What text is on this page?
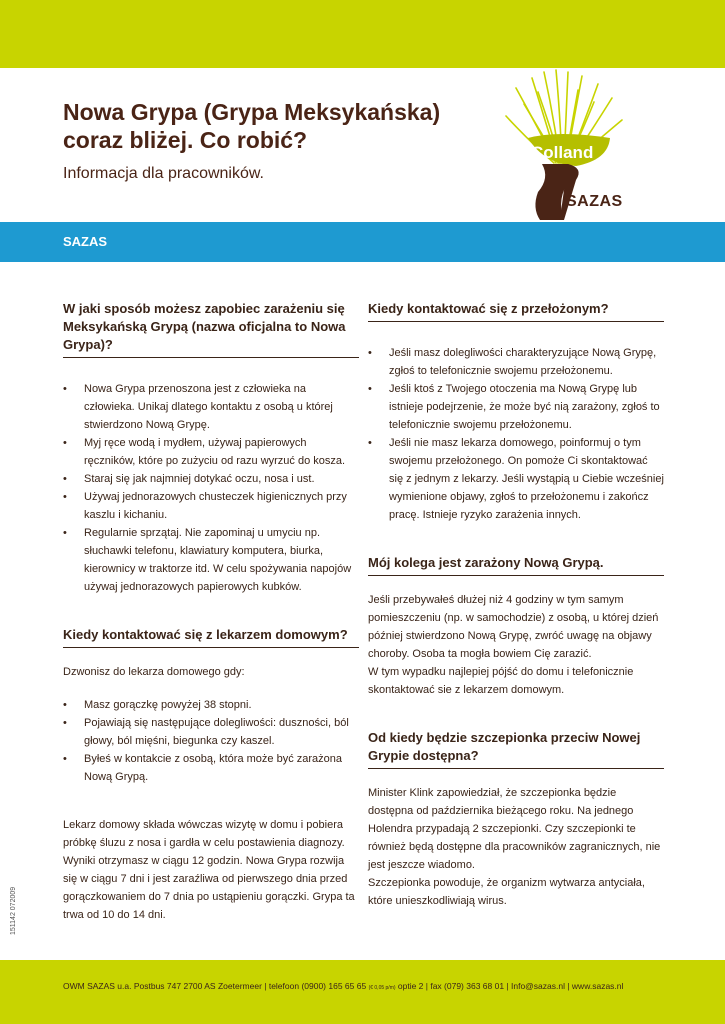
Nowa Grypa (Grypa Meksykańska)
coraz bliżej. Co robić?
Informacja dla pracowników.
Colland
SAZAS
SAZAS
W jaki sposób możesz zapobiec zarażeniu się Meksykańską Grypą (nazwa oficjalna to Nowa Grypa)?
• Nowa Grypa przenoszona jest z człowieka na człowieka. Unikaj dlatego kontaktu z osobą u której stwierdzono Nową Grypę.
• Myj ręce wodą i mydłem, używaj papierowych ręczników, które po zużyciu od razu wyrzuć do kosza.
• Staraj się jak najmniej dotykać oczu, nosa i ust.
• Używaj jednorazowych chusteczek higienicznych przy kaszlu i kichaniu.
• Regularnie sprzątaj. Nie zapominaj u umyciu np. słuchawki telefonu, klawiatury komputera, biurka, kierownicy w traktorze itd. W celu spożywania napojów używaj jednorazowych papierowych kubków.
Kiedy kontaktować się z lekarzem domowym?

Dzwonisz do lekarza domowego gdy:

• Masz gorączkę powyżej 38 stopni.
• Pojawiają się następujące dolegliwości: duszności, ból głowy, ból mięśni, biegunka czy kaszel.
• Byłeś w kontakcie z osobą, która może być zarażona Nową Grypą.

Lekarz domowy składa wówczas wizytę w domu i pobiera próbkę śluzu z nosa i gardła w celu postawienia diagnozy. Wyniki otrzymasz w ciągu 12 godzin. Nowa Grypa rozwija się w ciągu 7 dni i jest zaraźliwa od pierwszego dnia przed gorączkowaniem do 7 dnia po ustąpieniu gorączki. Grypa ta trwa od 10 do 14 dni.

Kiedy kontaktować się z przełożonym?
• Jeśli masz dolegliwości charakteryzujące Nową Grypę, zgłoś to telefonicznie swojemu przełożonemu.
• Jeśli ktoś z Twojego otoczenia ma Nową Grypę lub istnieje podejrzenie, że może być nią zarażony, zgłoś to telefonicznie swojemu przełożonemu.
• Jeśli nie masz lekarza domowego, poinformuj o tym swojemu przełożonego. On pomoże Ci skontaktować się z jednym z lekarzy. Jeśli wystąpią u Ciebie wcześniej wymienione objawy, zgłoś to przełożonemu i zakończ pracę. Istnieje ryzyko zarażenia innych.
Mój kolega jest zarażony Nową Grypą.

Jeśli przebywałeś dłużej niż 4 godziny w tym samym pomieszczeniu (np. w samochodzie) z osobą, u której dzień później stwierdzono Nową Grypę, zwróć uwagę na objawy choroby. Osoba ta mogła bowiem Cię zarazić.

W tym wypadku najlepiej pójść do domu i telefonicznie skontaktować sie z lekarzem domowym.

Od kiedy będzie szczepionka przeciw Nowej Grypie dostępna?

Minister Klink zapowiedział, że szczepionka będzie dostępna od października bieżącego roku. Na jednego Holendra przypadają 2 szczepionki. Czy szczepionki te również będą dostępne dla pracowników zagranicznych, nie jest jeszcze wiadomo.

Szczepionka powoduje, że organizm wytwarza antyciała, które unieszkodliwiają wirus.

151142 072009
OWM SAZAS u.a. Postbus 747 2700 AS Zoetermeer | telefoon (0900) 165 65 65 (€ 0,05 p/m) optie 2 | fax (079) 363 68 01 | Info@sazas.nl | www.sazas.nl
